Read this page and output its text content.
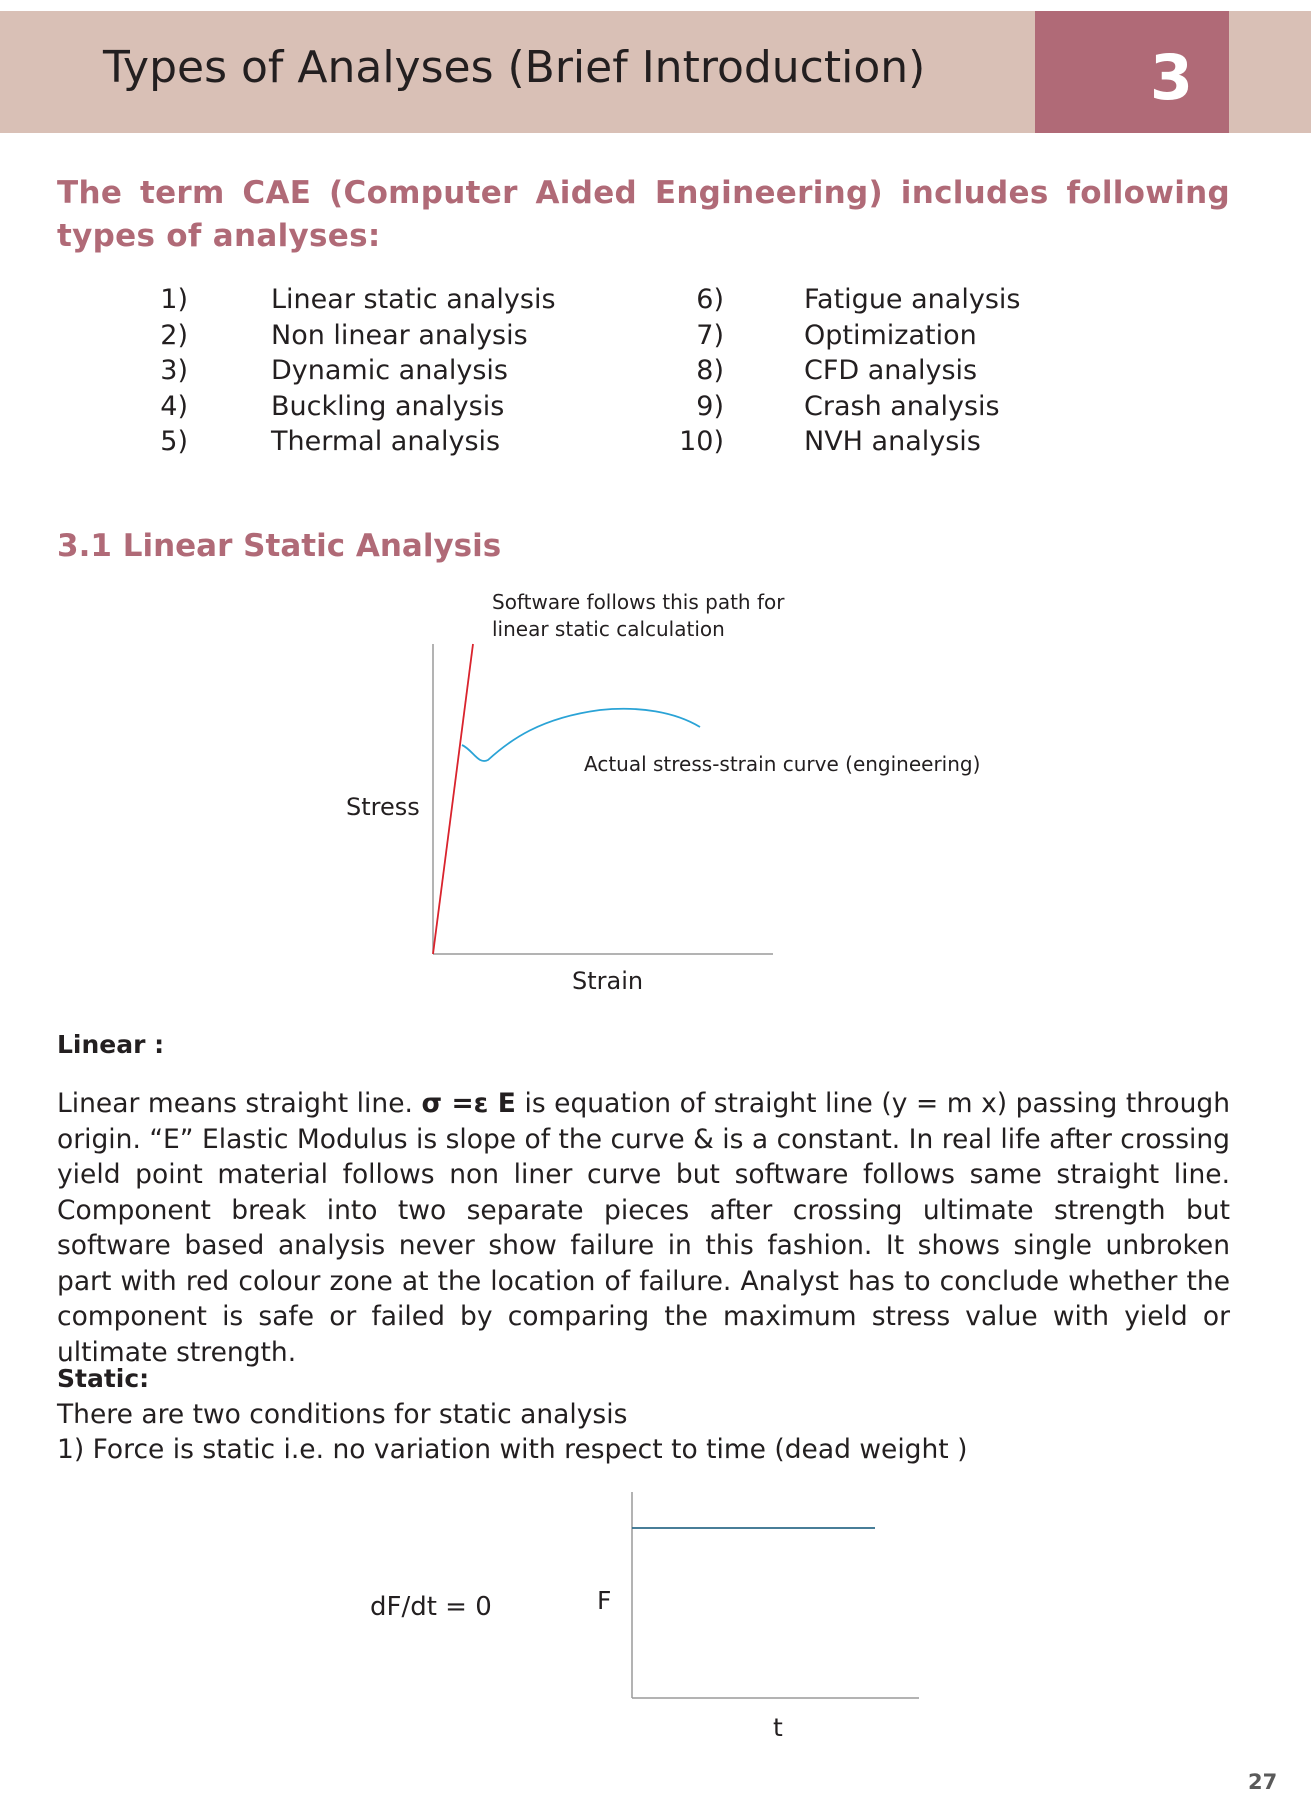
Types of Analyses (Brief Introduction)	3
The term CAE (Computer Aided Engineering) includes following types of analyses:
1)	Linear static analysis
2)	Non linear analysis
3)	Dynamic analysis
4)	Buckling analysis
5)	Thermal analysis
6)	Fatigue analysis
7)	Optimization
8)	CFD analysis
9)	Crash analysis
10)	NVH analysis
3.1 Linear Static Analysis
Software follows this path for
linear static calculation
Actual stress-strain curve (engineering)
Stress
Strain
Linear :
Linear means straight line. σ =ε E is equation of straight line (y = m x) passing through origin. “E” Elastic Modulus is slope of the curve & is a constant. In real life after crossing yield point material follows non liner curve but software follows same straight line. Component break into two separate pieces after crossing ultimate strength but software based analysis never show failure in this fashion. It shows single unbroken part with red colour zone at the location of failure. Analyst has to conclude whether the component is safe or failed by comparing the maximum stress value with yield or ultimate strength.
Static:
There are two conditions for static analysis
1) Force is static i.e. no variation with respect to time (dead weight )
dF/dt = 0	F
t
27
